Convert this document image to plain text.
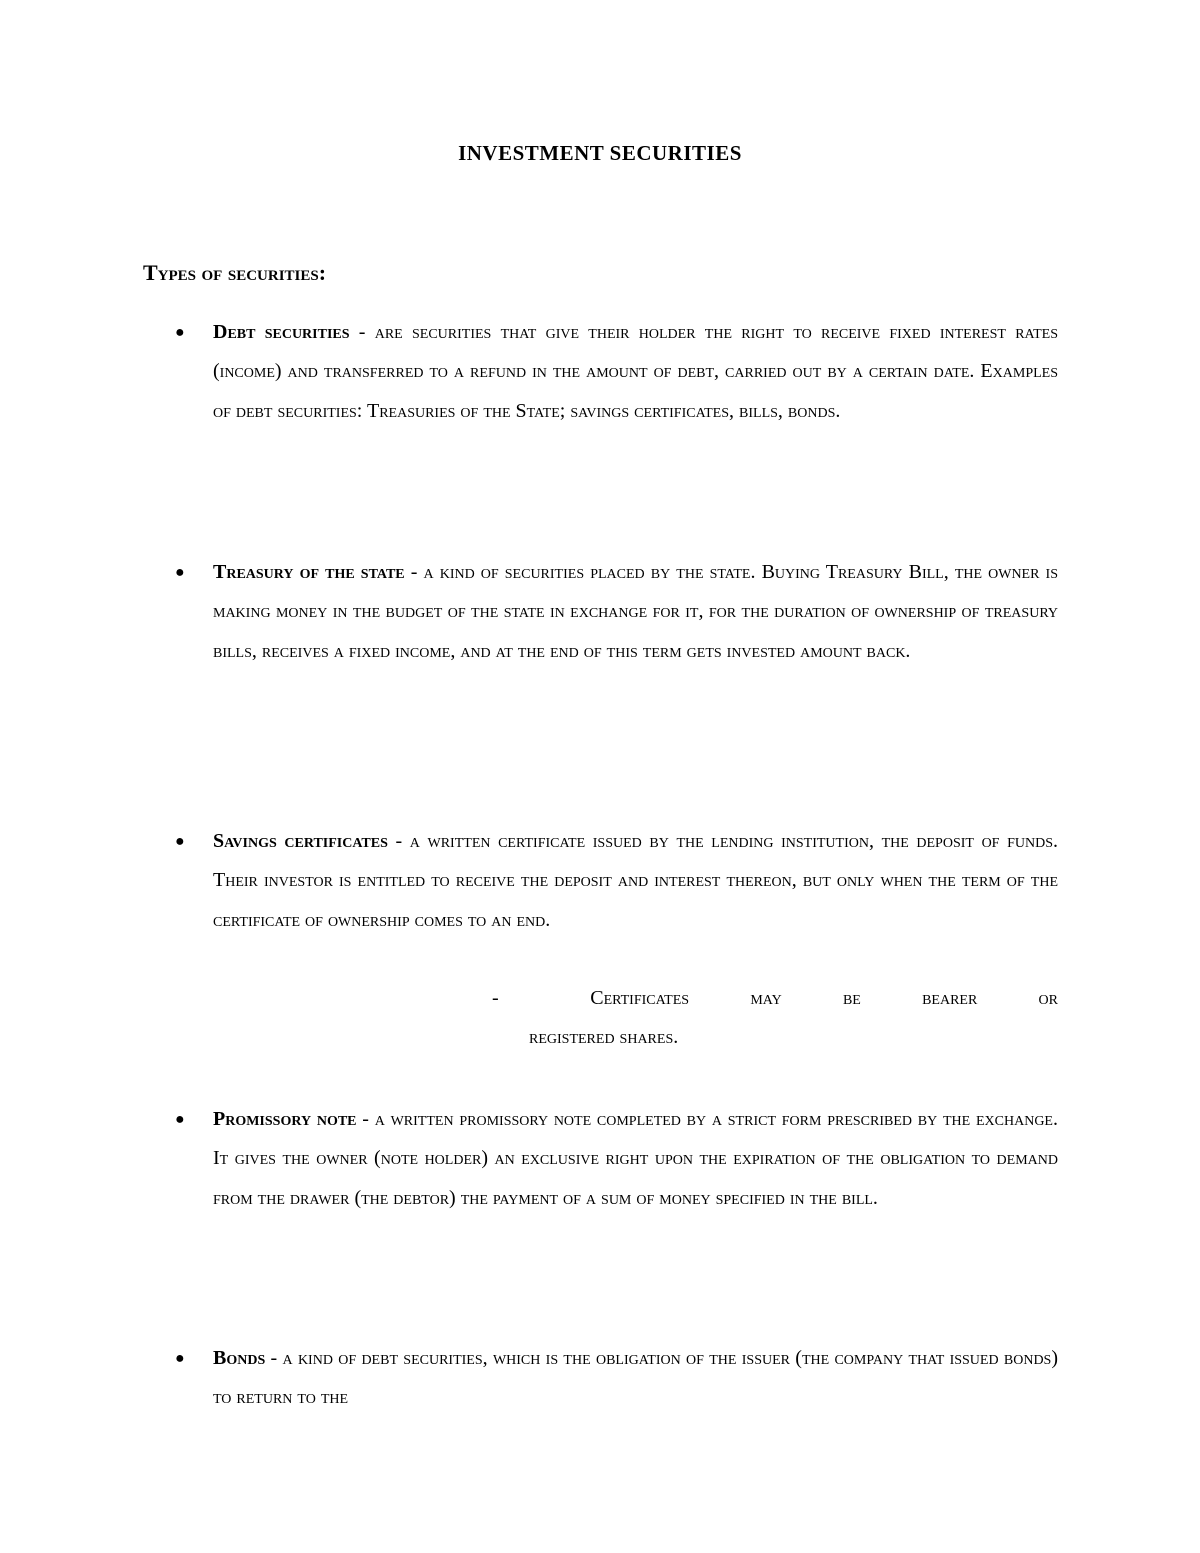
INVESTMENT SECURITIES
Types of securities:

● Debt securities - are securities that give their holder the right to receive fixed interest rates (income) and transferred to a refund in the amount of debt, carried out by a certain date. Examples of debt securities: Treasuries of the State; savings certificates, bills, bonds.

● Treasury of the state - a kind of securities placed by the state. Buying Treasury Bill, the owner is making money in the budget of the state in exchange for it, for the duration of ownership of treasury bills, receives a fixed income, and at the end of this term gets invested amount back.

● Savings certificates - a written certificate issued by the lending institution, the deposit of funds. Their investor is entitled to receive the deposit and interest thereon, but only when the term of the certificate of ownership comes to an end.

-	Certificates	may	be	bearer	or
registered shares.

● Promissory note - a written promissory note completed by a strict form prescribed by the exchange. It gives the owner (note holder) an exclusive right upon the expiration of the obligation to demand from the drawer (the debtor) the payment of a sum of money specified in the bill.

● Bonds - a kind of debt securities, which is the obligation of the issuer (the company that issued bonds) to return to the
